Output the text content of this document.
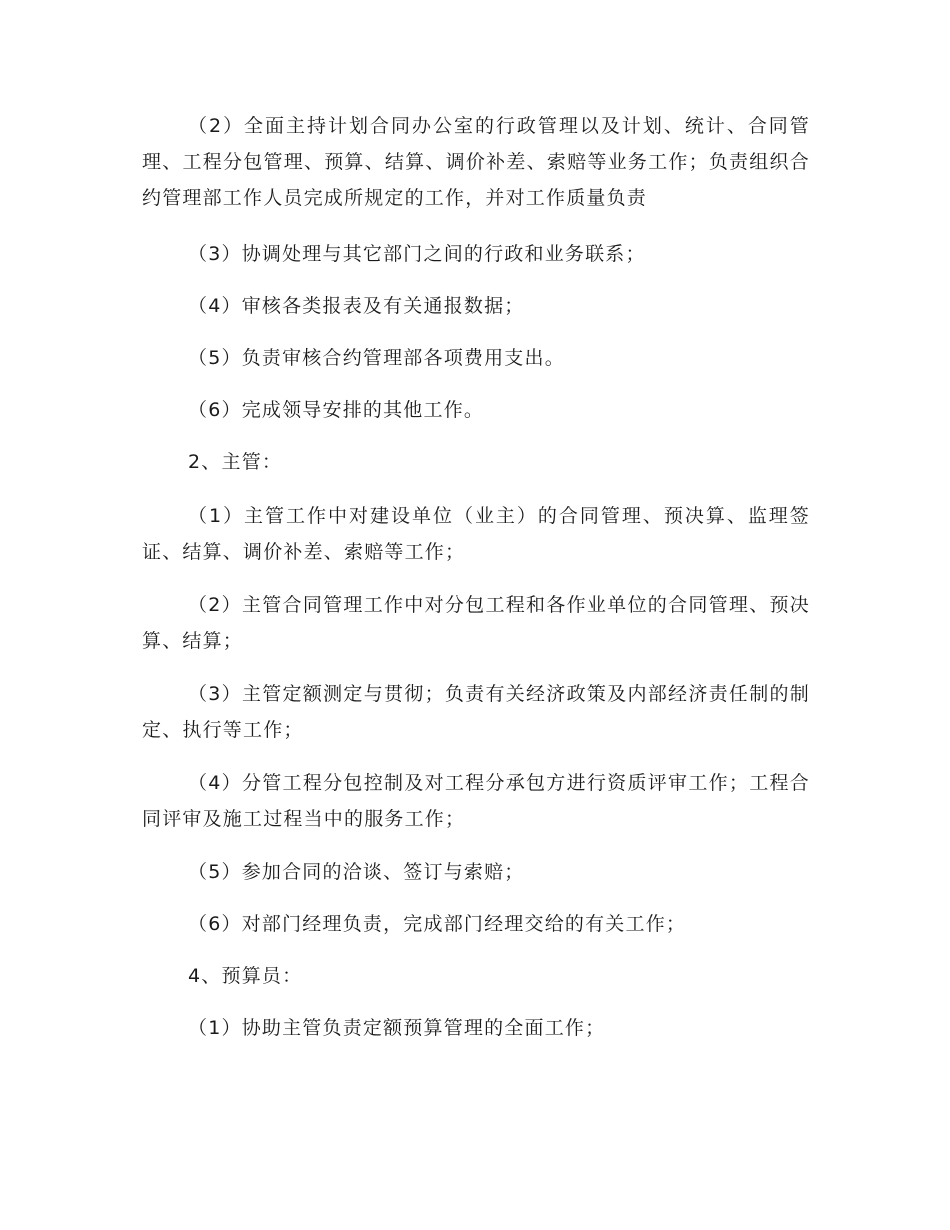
（2）全面主持计划合同办公室的行政管理以及计划、统计、合同管理、工程分包管理、预算、结算、调价补差、索赔等业务工作；负责组织合约管理部工作人员完成所规定的工作，并对工作质量负责

（3）协调处理与其它部门之间的行政和业务联系；

（4）审核各类报表及有关通报数据；

（5）负责审核合约管理部各项费用支出。

（6）完成领导安排的其他工作。

2、主管：

（1）主管工作中对建设单位（业主）的合同管理、预决算、监理签证、结算、调价补差、索赔等工作；

（2）主管合同管理工作中对分包工程和各作业单位的合同管理、预决算、结算；

（3）主管定额测定与贯彻；负责有关经济政策及内部经济责任制的制定、执行等工作；

（4）分管工程分包控制及对工程分承包方进行资质评审工作；工程合同评审及施工过程当中的服务工作；

（5）参加合同的洽谈、签订与索赔；

（6）对部门经理负责，完成部门经理交给的有关工作；

4、预算员：

（1）协助主管负责定额预算管理的全面工作；
